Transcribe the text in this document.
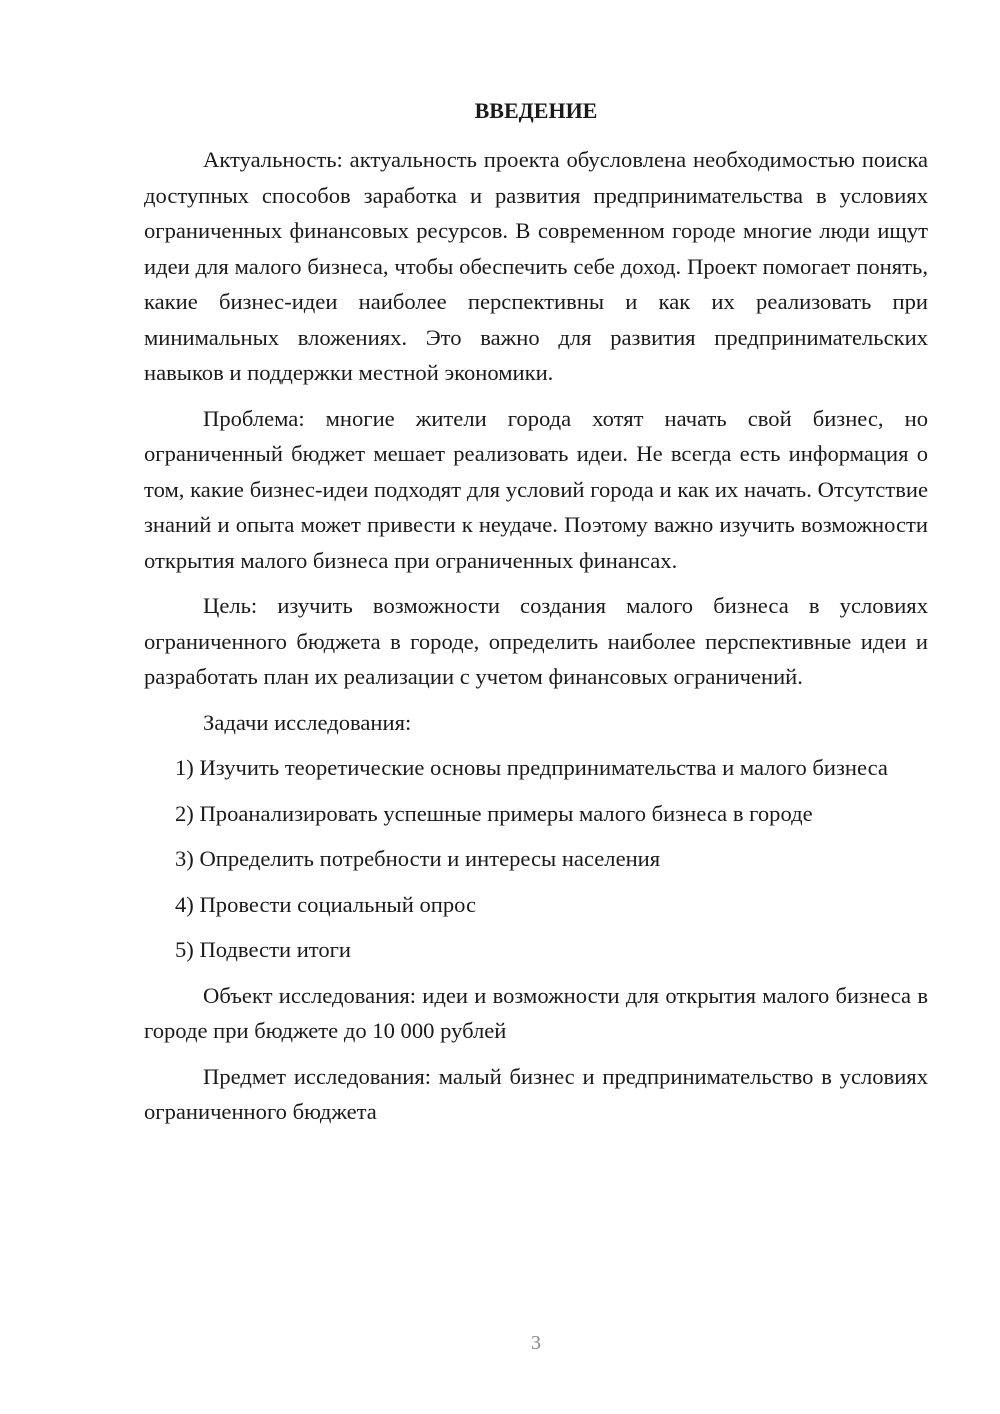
ВВЕДЕНИЕ

Актуальность: актуальность проекта обусловлена необходимостью поиска доступных способов заработка и развития предпринимательства в условиях ограниченных финансовых ресурсов. В современном городе многие люди ищут идеи для малого бизнеса, чтобы обеспечить себе доход. Проект помогает понять, какие бизнес-идеи наиболее перспективны и как их реализовать при минимальных вложениях. Это важно для развития предпринимательских навыков и поддержки местной экономики.

Проблема: многие жители города хотят начать свой бизнес, но ограниченный бюджет мешает реализовать идеи. Не всегда есть информация о том, какие бизнес-идеи подходят для условий города и как их начать. Отсутствие знаний и опыта может привести к неудаче. Поэтому важно изучить возможности открытия малого бизнеса при ограниченных финансах.

Цель: изучить возможности создания малого бизнеса в условиях ограниченного бюджета в городе, определить наиболее перспективные идеи и разработать план их реализации с учетом финансовых ограничений.

Задачи исследования:

1) Изучить теоретические основы предпринимательства и малого бизнеса

2) Проанализировать успешные примеры малого бизнеса в городе

3) Определить потребности и интересы населения

4) Провести социальный опрос

5) Подвести итоги

Объект исследования: идеи и возможности для открытия малого бизнеса в городе при бюджете до 10 000 рублей

Предмет исследования: малый бизнес и предпринимательство в условиях ограниченного бюджета

3
